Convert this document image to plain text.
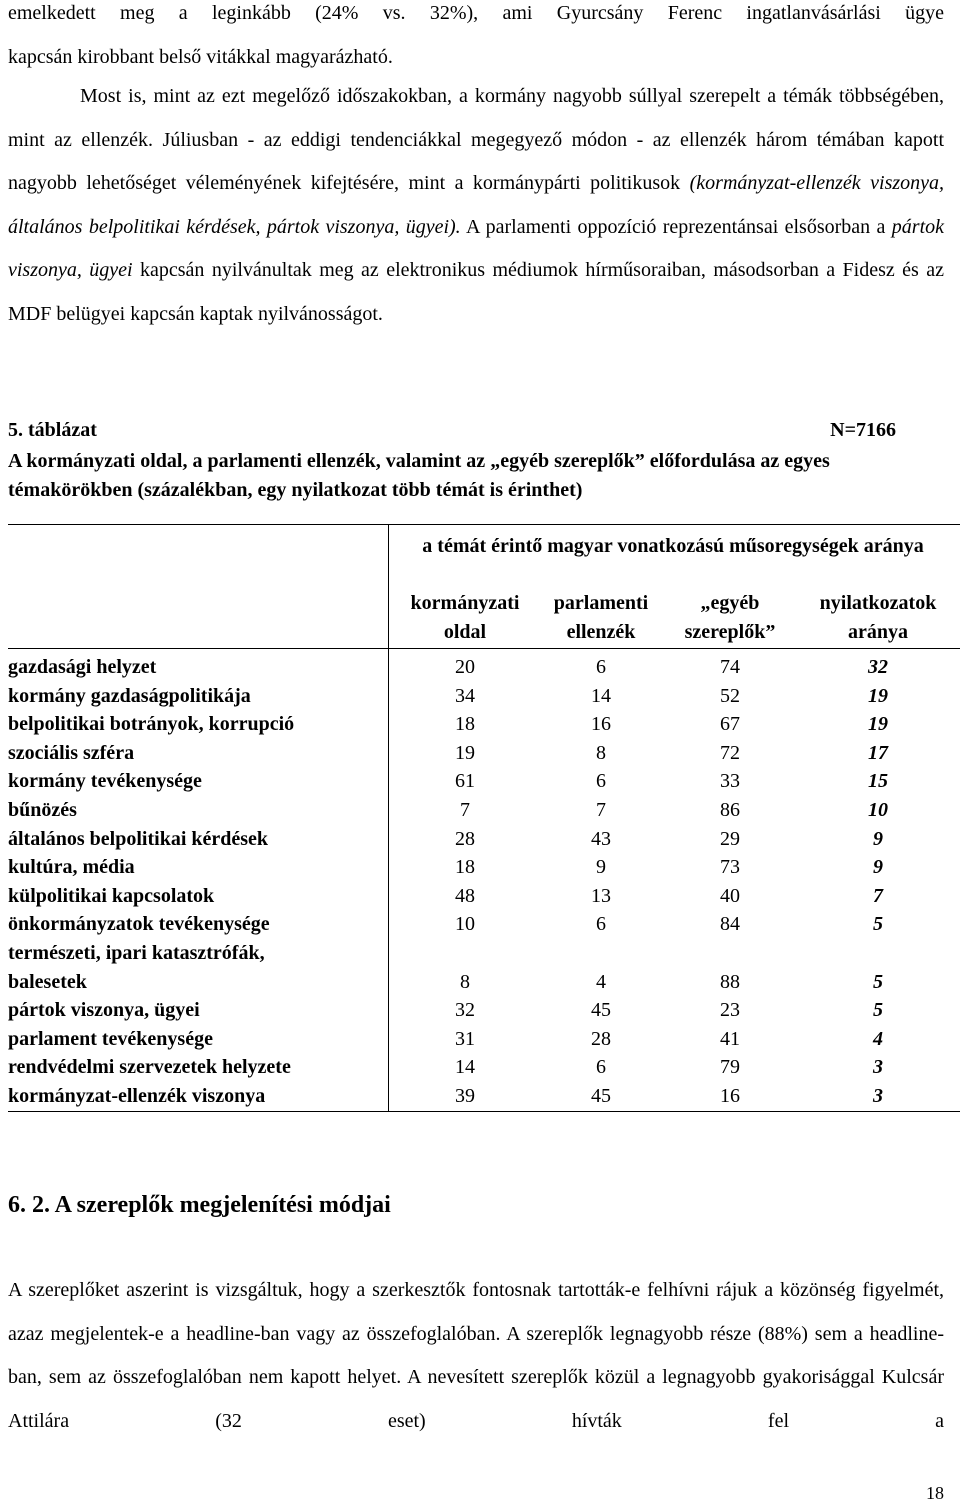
emelkedett meg a leginkább (24% vs. 32%), ami Gyurcsány Ferenc ingatlanvásárlási ügye

kapcsán kirobbant belső vitákkal magyarázható.

Most is, mint az ezt megelőző időszakokban, a kormány nagyobb súllyal szerepelt a témák többségében, mint az ellenzék. Júliusban - az eddigi tendenciákkal megegyező módon - az ellenzék három témában kapott nagyobb lehetőséget véleményének kifejtésére, mint a kormánypárti politikusok (kormányzat-ellenzék viszonya, általános belpolitikai kérdések, pártok viszonya, ügyei). A parlamenti oppozíció reprezentánsai elsősorban a pártok viszonya, ügyei kapcsán nyilvánultak meg az elektronikus médiumok hírműsoraiban, másodsorban a Fidesz és az MDF belügyei kapcsán kaptak nyilvánosságot.

5. táblázat	N=7166
A kormányzati oldal, a parlamenti ellenzék, valamint az „egyéb szereplők” előfordulása az egyes témakörökben (százalékban, egy nyilatkozat több témát is érinthet)
a témát érintő magyar vonatkozású műsoregységek aránya
kormányzati oldal
parlamenti ellenzék
„egyéb szereplők”
nyilatkozatok aránya
gazdasági helyzet	20	6	74	32
kormány gazdaságpolitikája	34	14	52	19
belpolitikai botrányok, korrupció	18	16	67	19
szociális szféra	19	8	72	17
kormány tevékenysége	61	6	33	15
bűnözés	7	7	86	10
általános belpolitikai kérdések	28	43	29	9
kultúra, média	18	9	73	9
külpolitikai kapcsolatok	48	13	40	7
önkormányzatok tevékenysége	10	6	84	5
természeti, ipari katasztrófák, balesetek	8	4	88	5
pártok viszonya, ügyei	32	45	23	5
parlament tevékenysége	31	28	41	4
rendvédelmi szervezetek helyzete	14	6	79	3
kormányzat-ellenzék viszonya	39	45	16	3
6. 2. A szereplők megjelenítési módjai

A szereplőket aszerint is vizsgáltuk, hogy a szerkesztők fontosnak tartották-e felhívni rájuk a közönség figyelmét, azaz megjelentek-e a headline-ban vagy az összefoglalóban. A szereplők legnagyobb része (88%) sem a headline-ban, sem az összefoglalóban nem kapott helyet. A nevesített szereplők közül a legnagyobb gyakorisággal Kulcsár Attilára (32 eset) hívták fel a

18
